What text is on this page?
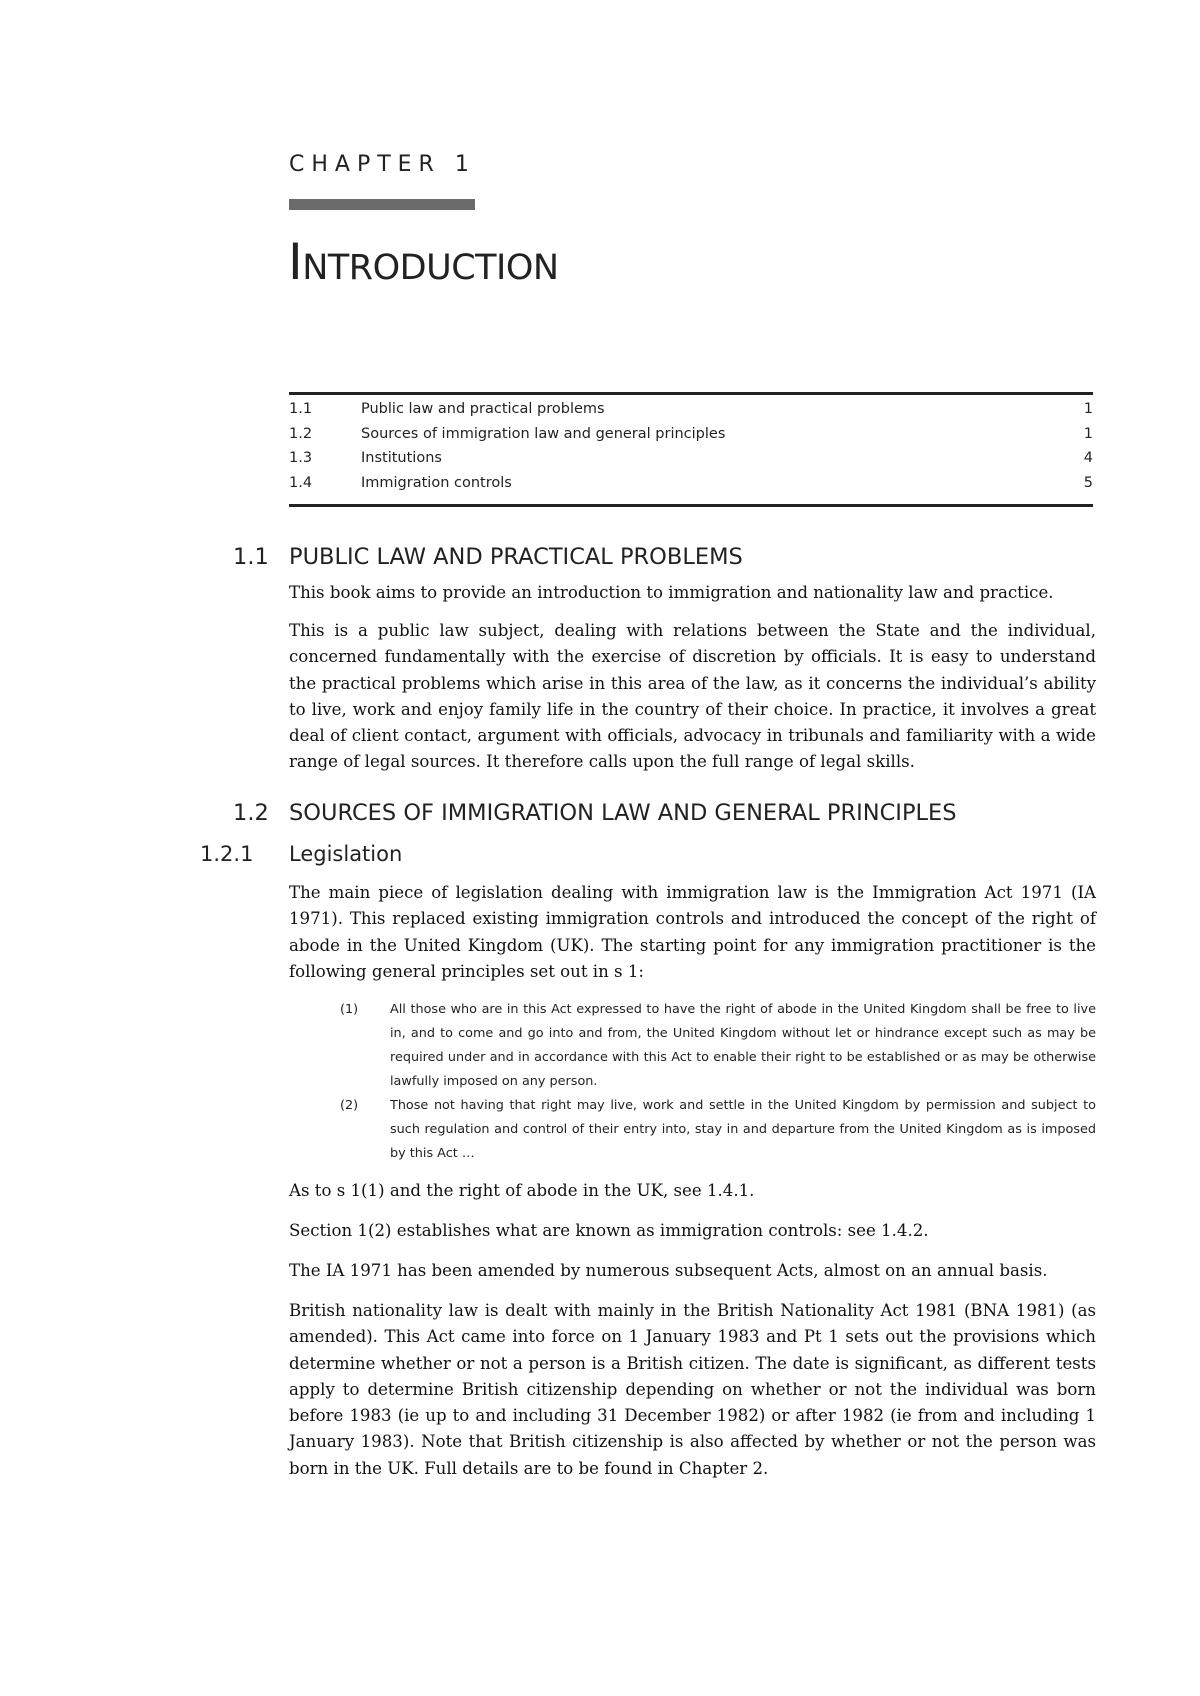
CHAPTER 1
Introduction
1.1	Public law and practical problems	1
1.2	Sources of immigration law and general principles	1
1.3	Institutions	4
1.4	Immigration controls	5
1.1 PUBLIC LAW AND PRACTICAL PROBLEMS
This book aims to provide an introduction to immigration and nationality law and practice.
This is a public law subject, dealing with relations between the State and the individual, concerned fundamentally with the exercise of discretion by officials. It is easy to understand the practical problems which arise in this area of the law, as it concerns the individual’s ability to live, work and enjoy family life in the country of their choice. In practice, it involves a great deal of client contact, argument with officials, advocacy in tribunals and familiarity with a wide range of legal sources. It therefore calls upon the full range of legal skills.
1.2 SOURCES OF IMMIGRATION LAW AND GENERAL PRINCIPLES
1.2.1 Legislation
The main piece of legislation dealing with immigration law is the Immigration Act 1971 (IA 1971). This replaced existing immigration controls and introduced the concept of the right of abode in the United Kingdom (UK). The starting point for any immigration practitioner is the following general principles set out in s 1:
(1)	All those who are in this Act expressed to have the right of abode in the United Kingdom shall be free to live in, and to come and go into and from, the United Kingdom without let or hindrance except such as may be required under and in accordance with this Act to enable their right to be established or as may be otherwise lawfully imposed on any person.
(2)	Those not having that right may live, work and settle in the United Kingdom by permission and subject to such regulation and control of their entry into, stay in and departure from the United Kingdom as is imposed by this Act …
As to s 1(1) and the right of abode in the UK, see 1.4.1.
Section 1(2) establishes what are known as immigration controls: see 1.4.2.
The IA 1971 has been amended by numerous subsequent Acts, almost on an annual basis.
British nationality law is dealt with mainly in the British Nationality Act 1981 (BNA 1981) (as amended). This Act came into force on 1 January 1983 and Pt 1 sets out the provisions which determine whether or not a person is a British citizen. The date is significant, as different tests apply to determine British citizenship depending on whether or not the individual was born before 1983 (ie up to and including 31 December 1982) or after 1982 (ie from and including 1 January 1983). Note that British citizenship is also affected by whether or not the person was born in the UK. Full details are to be found in Chapter 2.
